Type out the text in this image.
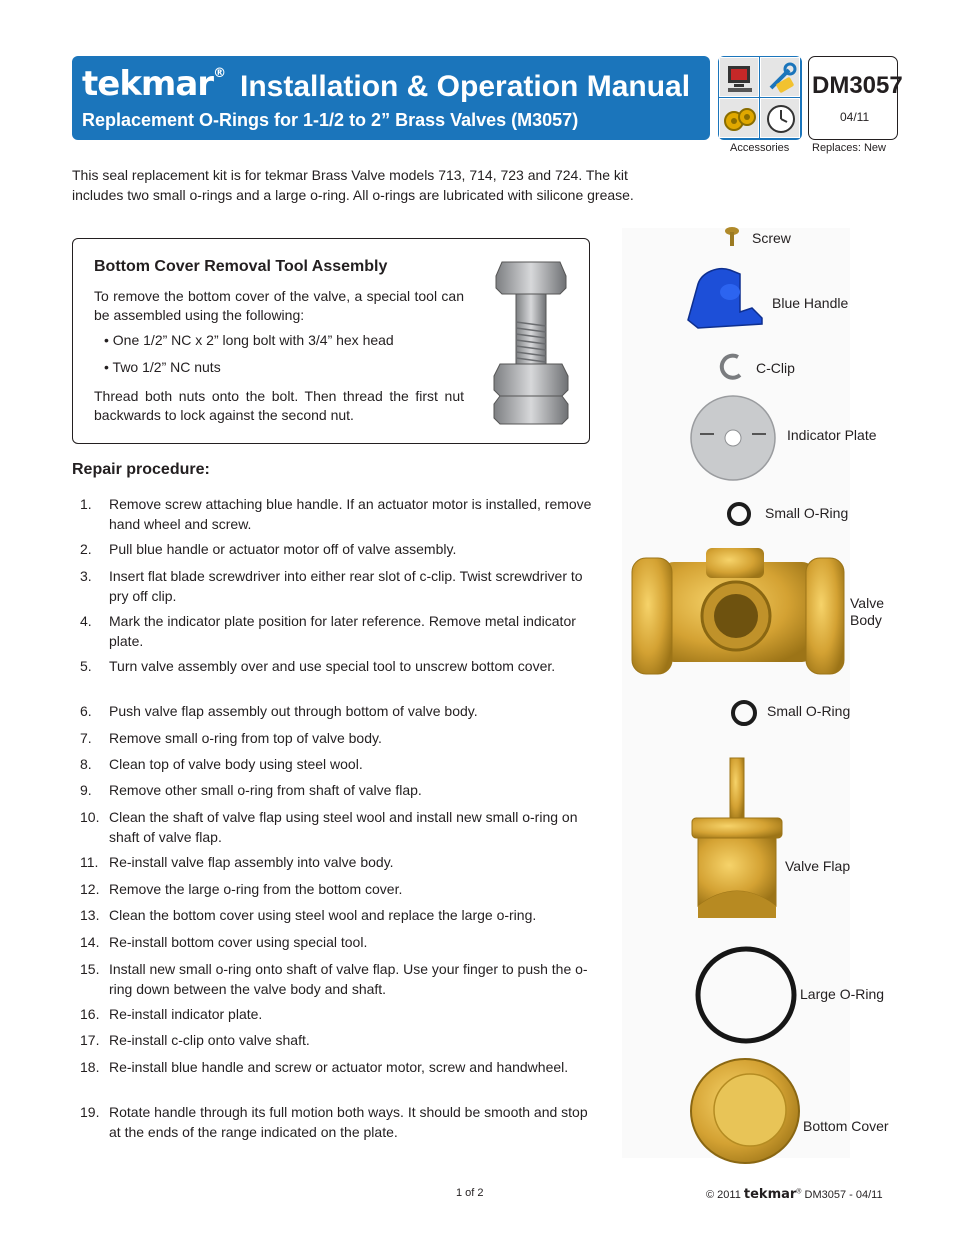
tekmar® Installation & Operation Manual
Replacement O-Rings for 1-1/2 to 2” Brass Valves (M3057)
DM3057
04/11
Accessories Replaces: New
This seal replacement kit is for tekmar Brass Valve models 713, 714, 723 and 724. The kit includes two small o-rings and a large o-ring. All o-rings are lubricated with silicone grease.
Bottom Cover Removal Tool Assembly
To remove the bottom cover of the valve, a special tool can be assembled using the following:
• One 1/2” NC x 2” long bolt with 3/4” hex head
• Two 1/2” NC nuts
Thread both nuts onto the bolt. Then thread the first nut backwards to lock against the second nut.
Repair procedure:
1.	Remove screw attaching blue handle. If an actuator motor is installed, remove hand wheel and screw.
2.	Pull blue handle or actuator motor off of valve assembly.
3.	Insert flat blade screwdriver into either rear slot of c-clip. Twist screwdriver to pry off clip.
4.	Mark the indicator plate position for later reference. Remove metal indicator plate.
5.	Turn valve assembly over and use special tool to unscrew bottom cover.
6.	Push valve flap assembly out through bottom of valve body.
7.	Remove small o-ring from top of valve body.
8.	Clean top of valve body using steel wool.
9.	Remove other small o-ring from shaft of valve flap.
10. Clean the shaft of valve flap using steel wool and install new small o-ring on shaft of valve flap.
11. Re-install valve flap assembly into valve body.
12. Remove the large o-ring from the bottom cover.
13. Clean the bottom cover using steel wool and replace the large o-ring.
14. Re-install bottom cover using special tool.
15. Install new small o-ring onto shaft of valve flap. Use your finger to push the o-ring down between the valve body and shaft.
16. Re-install indicator plate.
17. Re-install c-clip onto valve shaft.
18. Re-install blue handle and screw or actuator motor, screw and handwheel.
19. Rotate handle through its full motion both ways. It should be smooth and stop at the ends of the range indicated on the plate.
Screw
Blue Handle
C-Clip
Indicator Plate
Small O-Ring
Valve
Body
Small O-Ring
Valve Flap
Large O-Ring
Bottom Cover
1 of 2	© 2011 tekmar® DM3057 - 04/11
